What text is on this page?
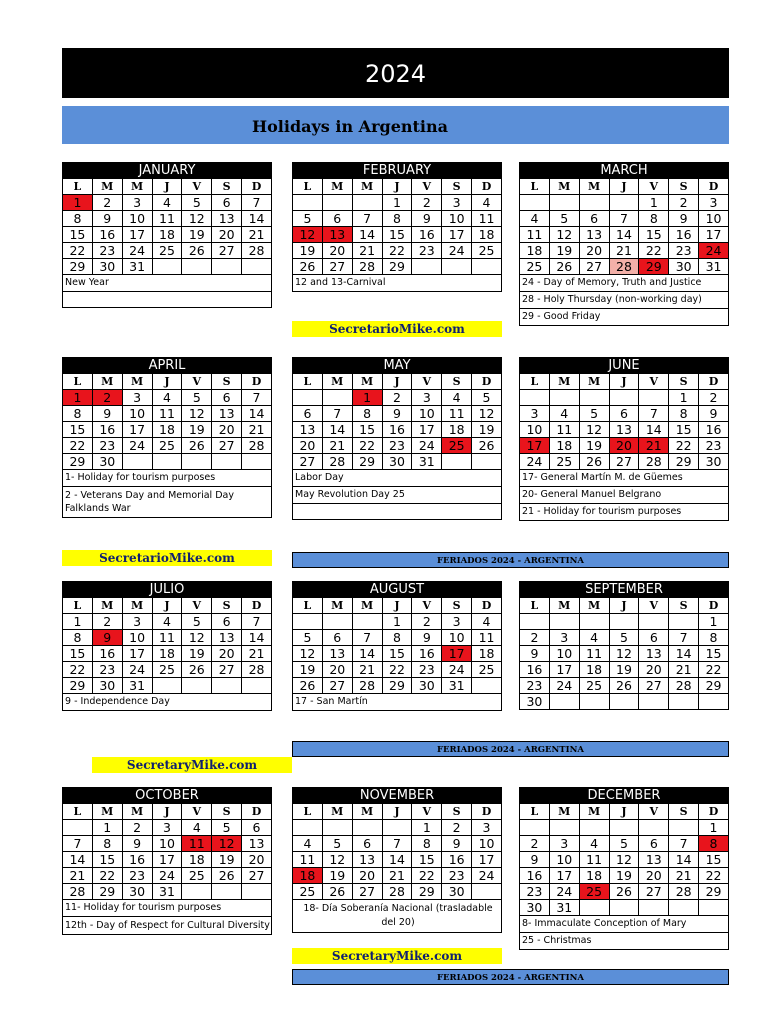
2024
Holidays in Argentina
JANUARY
L	M	M	J	V	S	D
1	2	3	4	5	6	7
8	9	10	11	12	13	14
15	16	17	18	19	20	21
22	23	24	25	26	27	28
29	30	31				
New Year
FEBRUARY
L	M	M	J	V	S	D
			1	2	3	4
5	6	7	8	9	10	11
12	13	14	15	16	17	18
19	20	21	22	23	24	25
26	27	28	29			
12 and 13-Carnival
MARCH
L	M	M	J	V	S	D
				1	2	3
4	5	6	7	8	9	10
11	12	13	14	15	16	17
18	19	20	21	22	23	24
25	26	27	28	29	30	31
24 - Day of Memory, Truth and Justice
28 - Holy Thursday (non-working day)
29 - Good Friday
APRIL
L	M	M	J	V	S	D
1	2	3	4	5	6	7
8	9	10	11	12	13	14
15	16	17	18	19	20	21
22	23	24	25	26	27	28
29	30					
1- Holiday for tourism purposes
2 - Veterans Day and Memorial Day Falklands War
MAY
L	M	M	J	V	S	D
		1	2	3	4	5
6	7	8	9	10	11	12
13	14	15	16	17	18	19
20	21	22	23	24	25	26
27	28	29	30	31		
Labor Day
May Revolution Day 25
JUNE
L	M	M	J	V	S	D
					1	2
3	4	5	6	7	8	9
10	11	12	13	14	15	16
17	18	19	20	21	22	23
24	25	26	27	28	29	30
17- General Martín M. de Güemes
20- General Manuel Belgrano
21 - Holiday for tourism purposes
JULIO
L	M	M	J	V	S	D
1	2	3	4	5	6	7
8	9	10	11	12	13	14
15	16	17	18	19	20	21
22	23	24	25	26	27	28
29	30	31				
9 - Independence Day
AUGUST
L	M	M	J	V	S	D
			1	2	3	4
5	6	7	8	9	10	11
12	13	14	15	16	17	18
19	20	21	22	23	24	25
26	27	28	29	30	31	
17 - San Martín
SEPTEMBER
L	M	M	J	V	S	D
						1
2	3	4	5	6	7	8
9	10	11	12	13	14	15
16	17	18	19	20	21	22
23	24	25	26	27	28	29
30						
OCTOBER
L	M	M	J	V	S	D
	1	2	3	4	5	6
7	8	9	10	11	12	13
14	15	16	17	18	19	20
21	22	23	24	25	26	27
28	29	30	31			
11- Holiday for tourism purposes
12th - Day of Respect for Cultural Diversity
NOVEMBER
L	M	M	J	V	S	D
				1	2	3
4	5	6	7	8	9	10
11	12	13	14	15	16	17
18	19	20	21	22	23	24
25	26	27	28	29	30	
18- Día Soberanía Nacional (trasladable del 20)
DECEMBER
L	M	M	J	V	S	D
						1
2	3	4	5	6	7	8
9	10	11	12	13	14	15
16	17	18	19	20	21	22
23	24	25	26	27	28	29
30	31					
8- Immaculate Conception of Mary
25 - Christmas
SecretarioMike.com
SecretarioMike.com
SecretaryMike.com
SecretaryMike.com
FERIADOS 2024 - ARGENTINA
FERIADOS 2024 - ARGENTINA
FERIADOS 2024 - ARGENTINA
